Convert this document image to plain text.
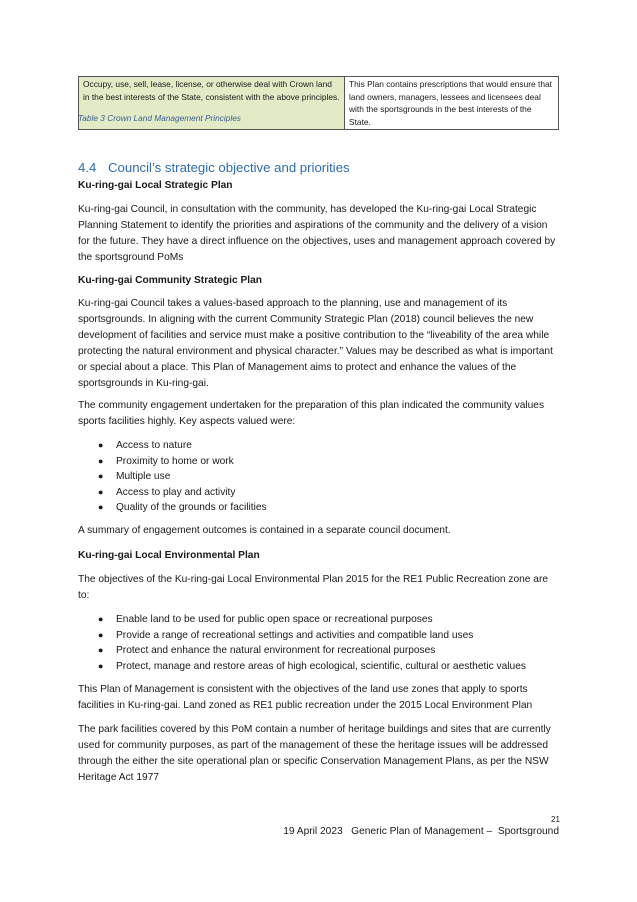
Occupy, use, sell, lease, license, or otherwise deal with Crown land in the best interests of the State, consistent with the above principles.	This Plan contains prescriptions that would ensure that land owners, managers, lessees and licensees deal with the sportsgrounds in the best interests of the State.
Table 3 Crown Land Management Principles
4.4 Council’s strategic objective and priorities

Ku-ring-gai Local Strategic Plan

Ku-ring-gai Council, in consultation with the community, has developed the Ku-ring-gai Local Strategic Planning Statement to identify the priorities and aspirations of the community and the delivery of a vision for the future. They have a direct influence on the objectives, uses and management approach covered by the sportsground PoMs

Ku-ring-gai Community Strategic Plan

Ku-ring-gai Council takes a values-based approach to the planning, use and management of its sportsgrounds. In aligning with the current Community Strategic Plan (2018) council believes the new development of facilities and service must make a positive contribution to the “liveability of the area while protecting the natural environment and physical character.” Values may be described as what is important or special about a place. This Plan of Management aims to protect and enhance the values of the sportsgrounds in Ku-ring-gai.

The community engagement undertaken for the preparation of this plan indicated the community values sports facilities highly. Key aspects valued were:

● Access to nature
● Proximity to home or work
● Multiple use
● Access to play and activity
● Quality of the grounds or facilities

A summary of engagement outcomes is contained in a separate council document.

Ku-ring-gai Local Environmental Plan

The objectives of the Ku-ring-gai Local Environmental Plan 2015 for the RE1 Public Recreation zone are to:

● Enable land to be used for public open space or recreational purposes
● Provide a range of recreational settings and activities and compatible land uses
● Protect and enhance the natural environment for recreational purposes
● Protect, manage and restore areas of high ecological, scientific, cultural or aesthetic values

This Plan of Management is consistent with the objectives of the land use zones that apply to sports facilities in Ku-ring-gai. Land zoned as RE1 public recreation under the 2015 Local Environment Plan

The park facilities covered by this PoM contain a number of heritage buildings and sites that are currently used for community purposes, as part of the management of these the heritage issues will be addressed through the either the site operational plan or specific Conservation Management Plans, as per the NSW Heritage Act 1977

21
19 April 2023   Generic Plan of Management –  Sportsground
